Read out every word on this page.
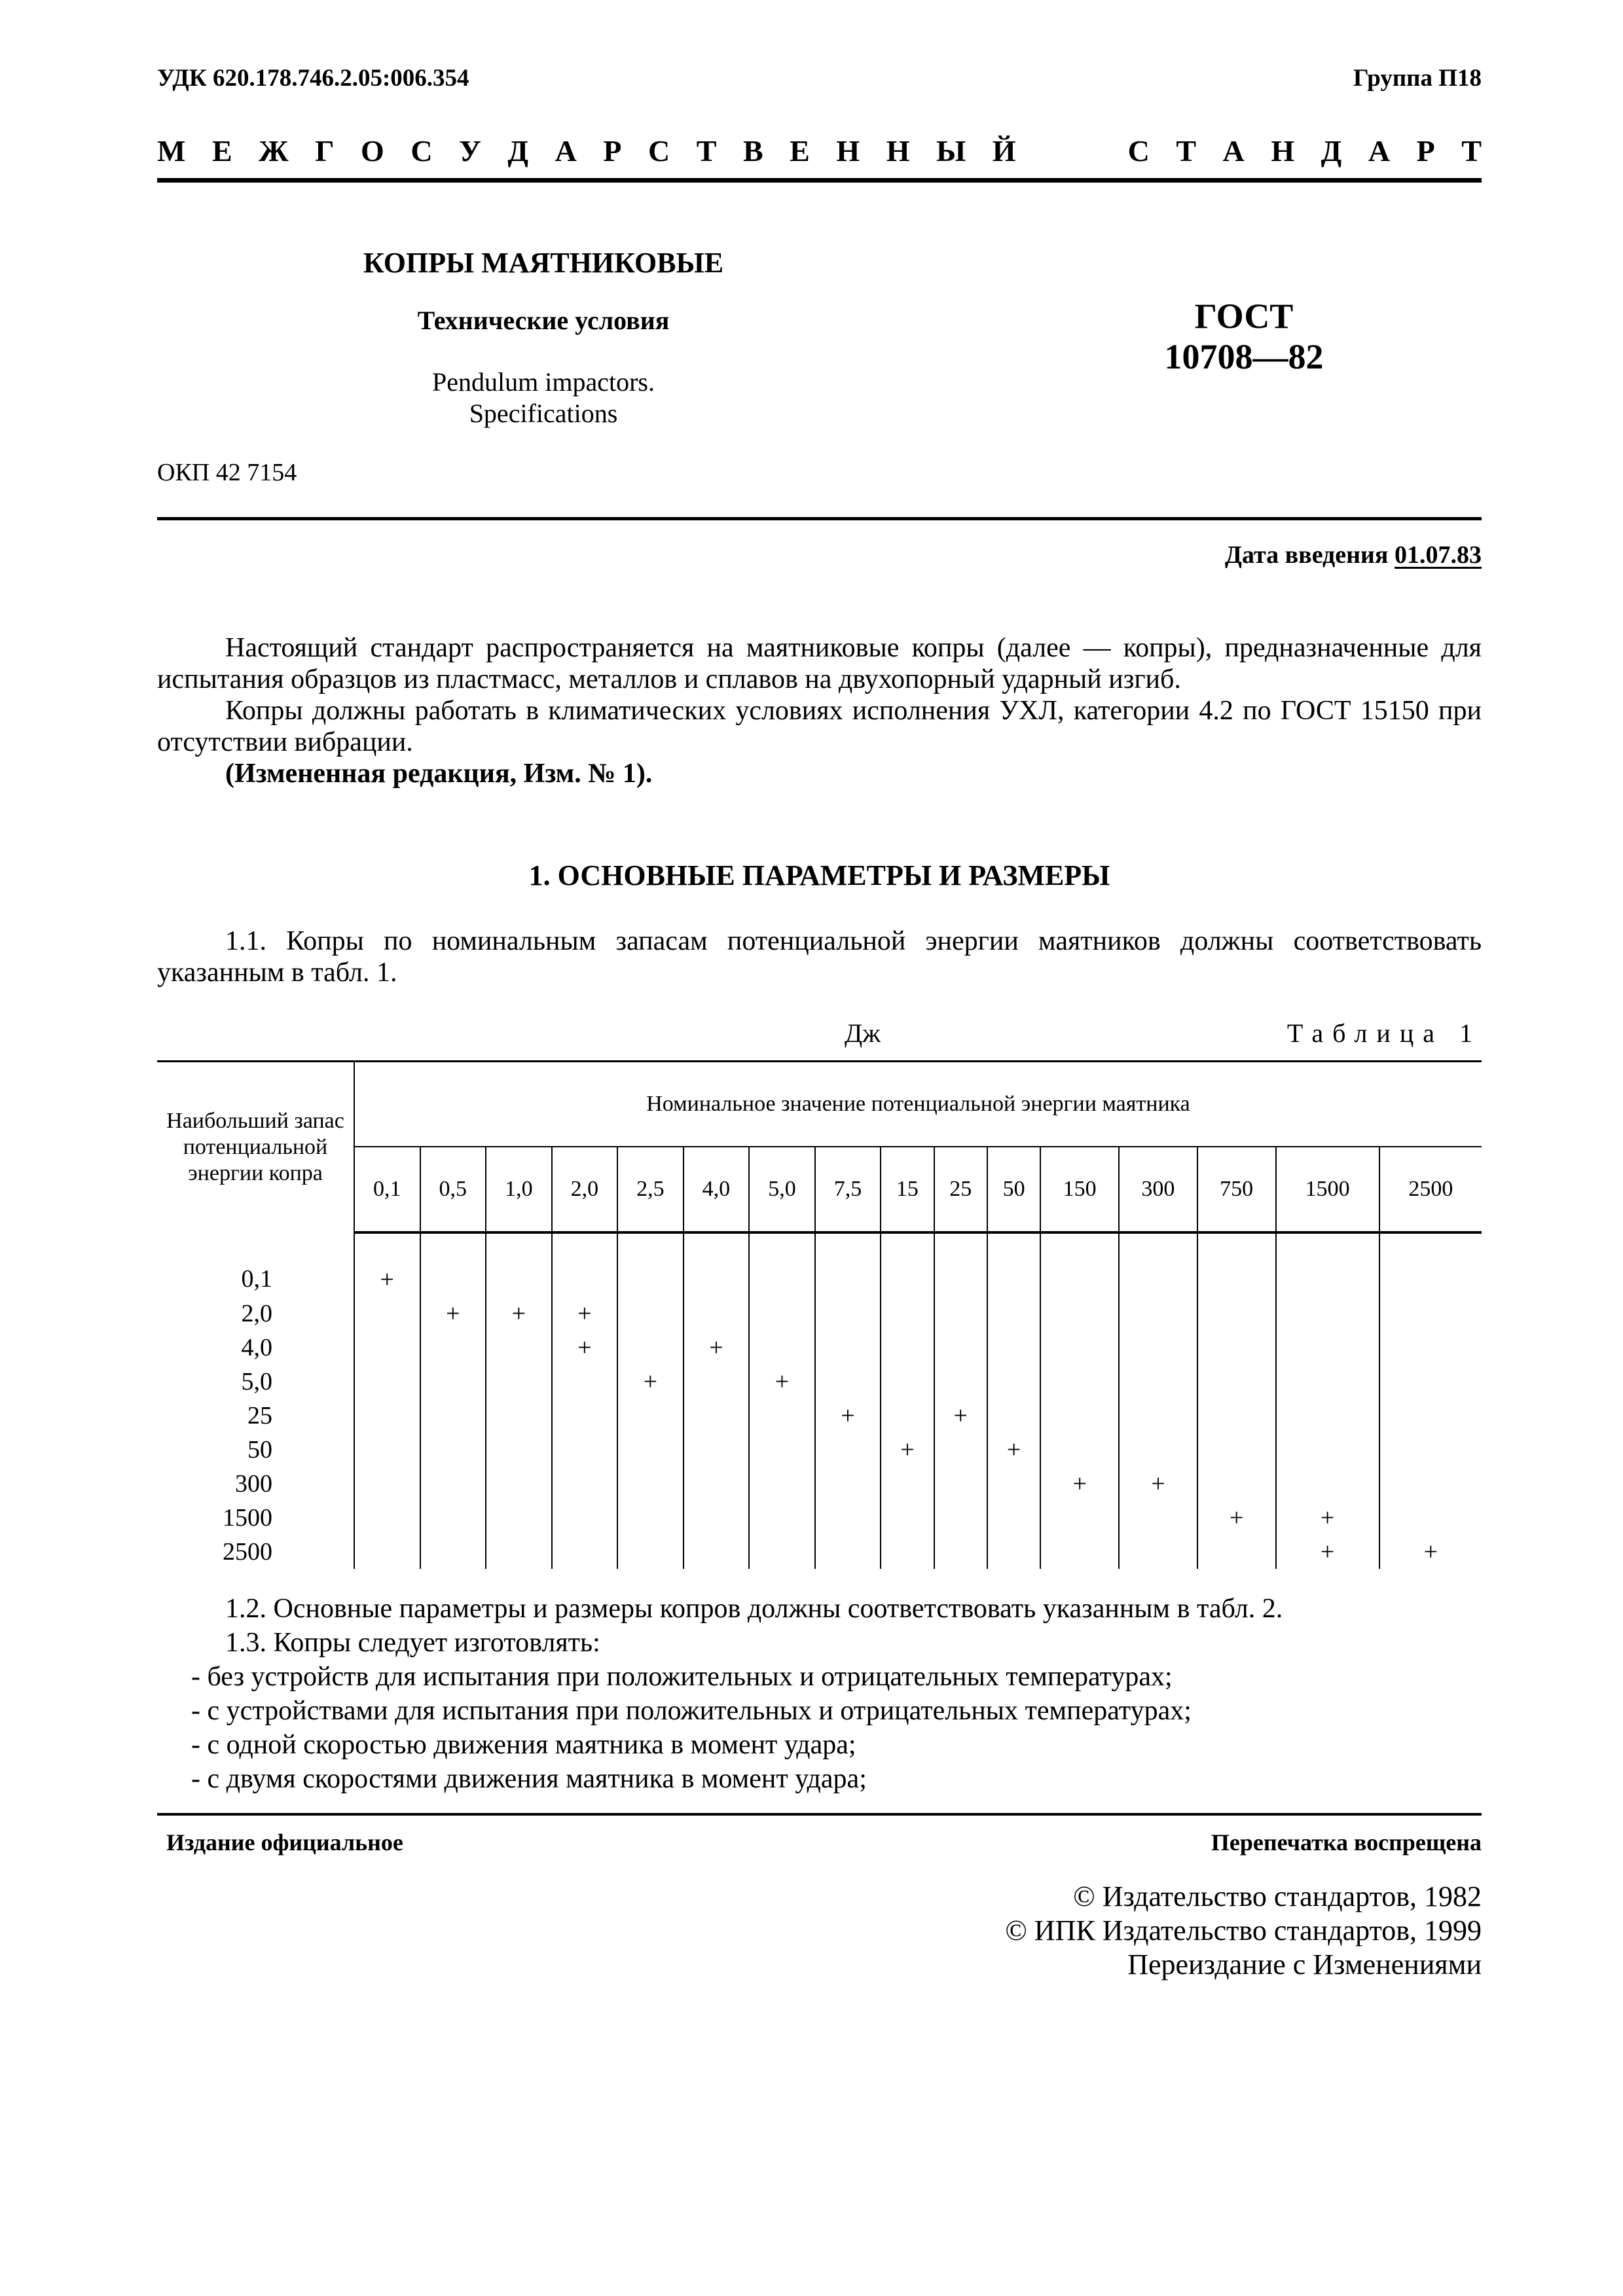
УДК 620.178.746.2.05:006.354	Группа П18
М Е Ж Г О С У Д А Р С Т В Е Н Н Ы Й	С Т А Н Д А Р Т
КОПРЫ МАЯТНИКОВЫЕ
Технические условия
Pendulum impactors.
Specifications
ГОСТ
10708—82
ОКП 42 7154
Дата введения 01.07.83

Настоящий стандарт распространяется на маятниковые копры (далее — копры), предназначенные для испытания образцов из пластмасс, металлов и сплавов на двухопорный ударный изгиб.

Копры должны работать в климатических условиях исполнения УХЛ, категории 4.2 по ГОСТ 15150 при отсутствии вибрации.

(Измененная редакция, Изм. № 1).

1. ОСНОВНЫЕ ПАРАМЕТРЫ И РАЗМЕРЫ

1.1. Копры по номинальным запасам потенциальной энергии маятников должны соответствовать указанным в табл. 1.

Дж	Таблица 1
Наибольший запас потенциальной энергии копра	Номинальное значение потенциальной энергии маятника															
	0,1	0,5	1,0	2,0	2,5	4,0	5,0	7,5	15	25	50	150	300	750	1500	2500
0,1	+															
2,0		+	+	+												
4,0				+		+										
5,0					+		+									
25								+		+						
50									+		+					
300												+	+			
1500														+	+	
2500															+	+
1.2. Основные параметры и размеры копров должны соответствовать указанным в табл. 2.
1.3. Копры следует изготовлять:
- без устройств для испытания при положительных и отрицательных температурах;
- с устройствами для испытания при положительных и отрицательных температурах;
- с одной скоростью движения маятника в момент удара;
- с двумя скоростями движения маятника в момент удара;
Издание официальное	Перепечатка воспрещена
© Издательство стандартов, 1982
© ИПК Издательство стандартов, 1999
Переиздание с Изменениями
